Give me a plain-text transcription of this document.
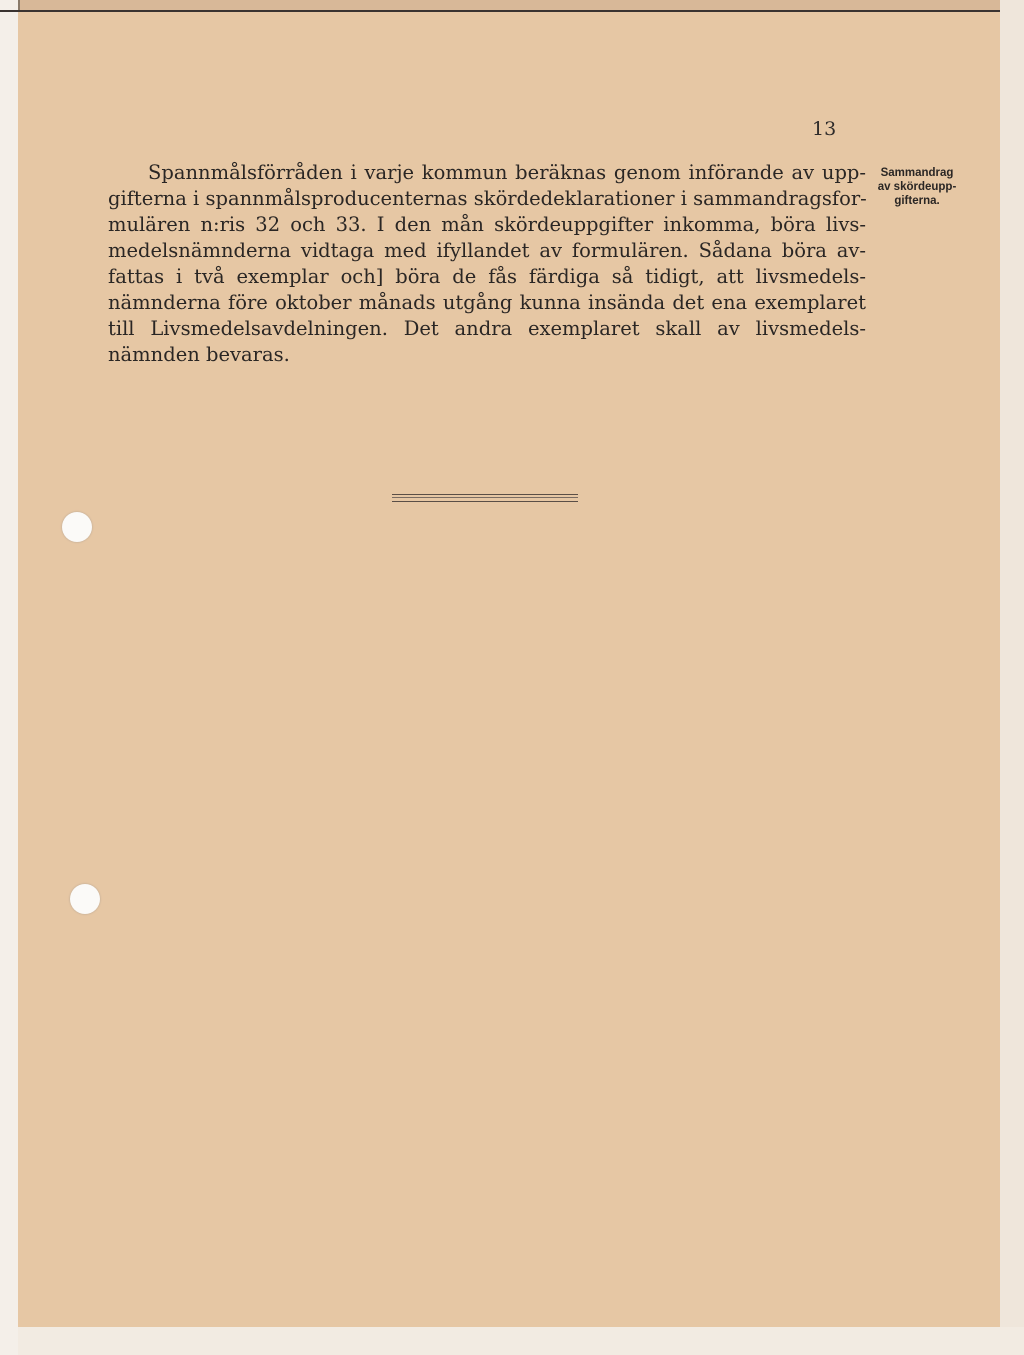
13
Spannmålsförråden i varje kommun beräknas genom införande av upp-
gifterna i spannmålsproducenternas skördedeklarationer i sammandragsfor-
mulären n:ris 32 och 33. I den mån skördeuppgifter inkomma, böra livs-
medelsnämnderna vidtaga med ifyllandet av formulären. Sådana böra av-
fattas i två exemplar och] böra de fås färdiga så tidigt, att livsmedels-
nämnderna före oktober månads utgång kunna insända det ena exemplaret
till Livsmedelsavdelningen. Det andra exemplaret skall av livsmedels-
nämnden bevaras.
Sammandrag
av skördeupp-
gifterna.
